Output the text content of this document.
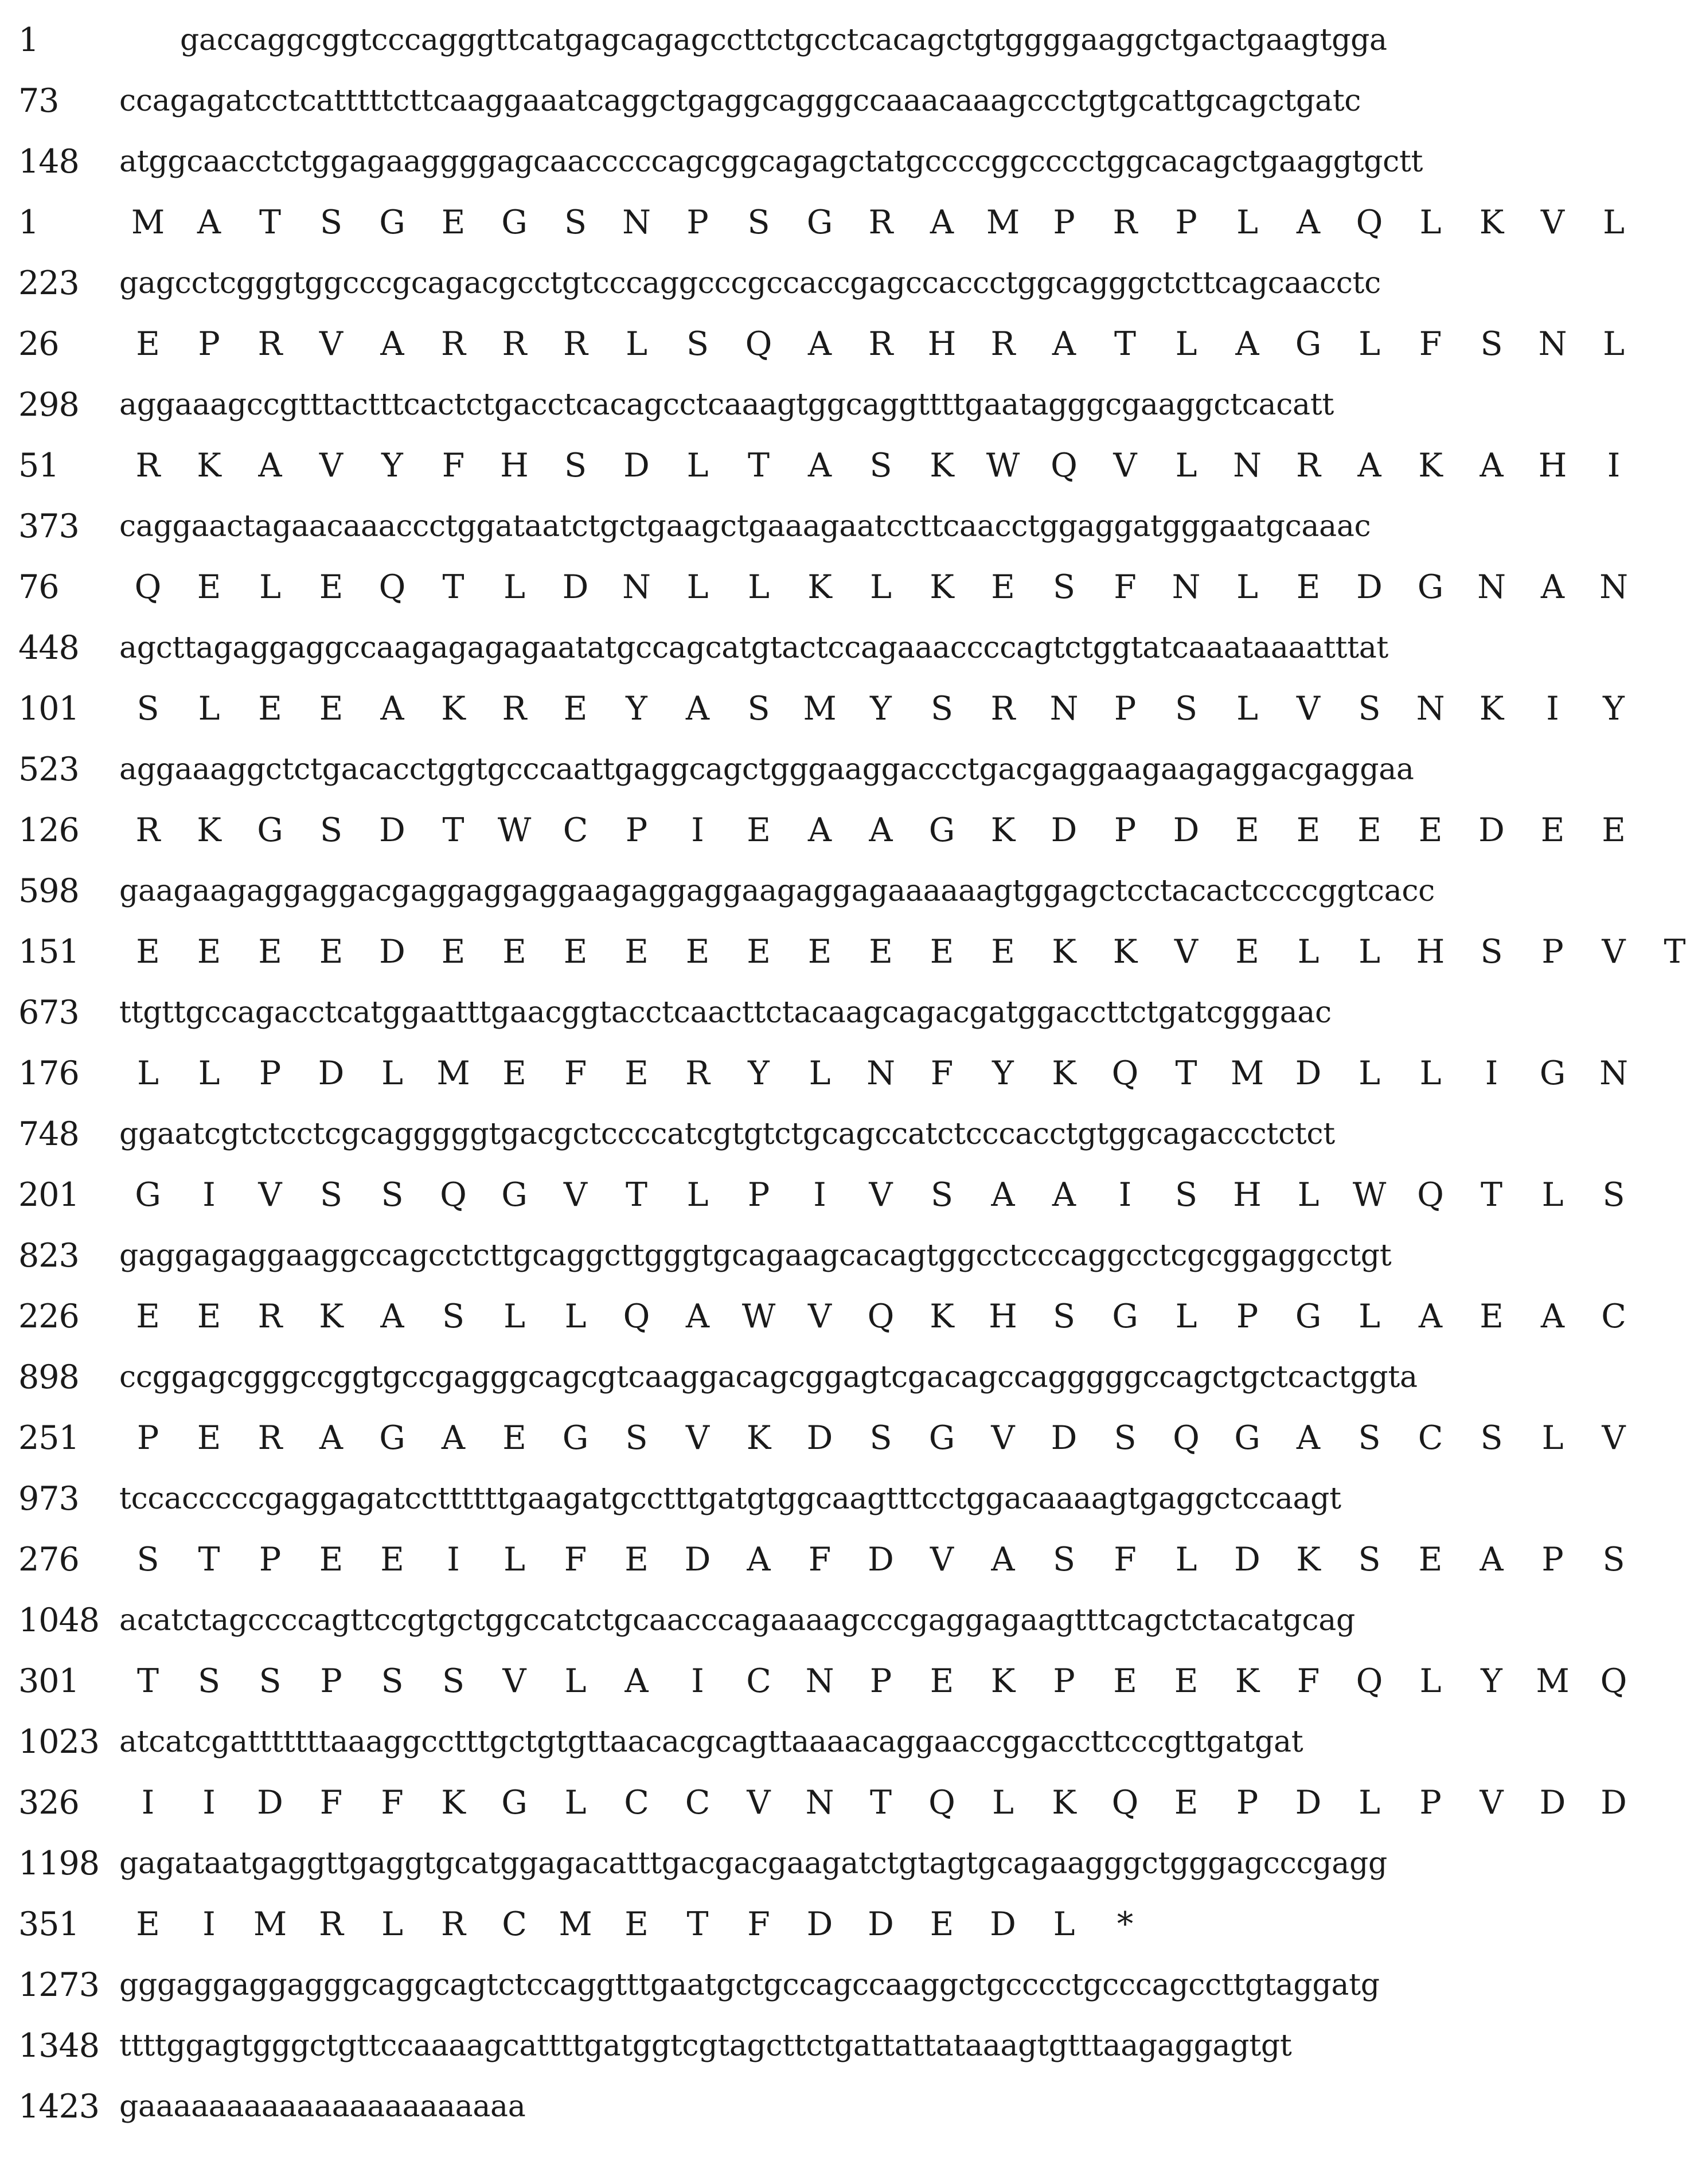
1	gaccaggcggtcccagggttcatgagcagagccttctgcctcacagctgtggggaaggctgactgaagtgga
73 ccagagatcctcatttttcttcaaggaaatcaggctgaggcagggccaaacaaagccctgtgcattgcagctgatc
148 atggcaacctctggagaaggggagcaacccccagcggcagagctatgccccggcccctggcacagctgaaggtgctt
1	M A	T	S	G	E	G	S	N	P	S	G	R	A M	P	R	P	L	A	Q	L	K	V	L
223 gagcctcgggtggcccgcagacgcctgtcccaggcccgccaccgagccaccctggcagggctcttcagcaacctc
26	E	P	R	V	A	R	R	R	L	S	Q	A	R	H	R	A	T	L	A	G	L	F	S	N	L
298 aggaaagccgtttactttcactctgacctcacagcctcaaagtggcaggttttgaatagggcgaaggctcacatt
51	R	K	A	V	Y	F	H	S	D	L	T	A	S	K W Q	V	L	N	R	A	K	A	H	I
373 caggaactagaacaaaccctggataatctgctgaagctgaaagaatccttcaacctggaggatgggaatgcaaac
76 Q	E	L	E	Q	T	L	D	N	L	L	K	L	K	E	S	F	N	L	E	D	G	N	A	N
448 agcttagaggaggccaagagagagaatatgccagcatgtactccagaaaccccagtctggtatcaaataaaatttat
101	S	L	E	E	A	K	R	E	Y	A	S	M	Y	S	R	N	P	S	L	V	S	N	K	I	Y
523 aggaaaggctctgacacctggtgcccaattgaggcagctgggaaggaccctgacgaggaagaagaggacgaggaa
126	R	K	G	S	D	T	W C	P	I	E	A	A	G	K	D	P	D	E	E	E	E	D	E	E
598 gaagaagaggaggacgaggaggaggaagaggaggaagaggagaaaaaagtggagctcctacactccccggtcacc
151	E	E	E	E	D	E	E	E	E	E	E	E	E	E	E	K	K	V	E	L	L	H	S	P	V	T
673 ttgttgccagacctcatggaatttgaacggtacctcaacttctacaagcagacgatggaccttctgatcgggaac
176	L	L	P	D	L	M E	F	E	R	Y	L	N	F	Y	K	Q	T	M D	L	L	I	G	N
748 ggaatcgtctcctcgcagggggtgacgctccccatcgtgtctgcagccatctcccacctgtggcagaccctctct
201	G	I	V	S	S	Q	G	V	T	L	P	I	V	S	A	A	I	S	H	L	W Q	T	L	S
823 gaggagaggaaggccagcctcttgcaggcttgggtgcagaagcacagtggcctcccaggcctcgcggaggcctgt
226	E	E	R	K	A	S	L	L	Q	A W V	Q	K	H	S	G	L	P	G	L	A	E	A	C
898 ccggagcgggccggtgccgagggcagcgtcaaggacagcggagtcgacagccagggggccagctgctcactggta
251	P	E	R	A	G	A	E	G	S	V	K	D	S	G	V	D	S	Q	G	A	S	C	S	L	V
973 tccacccccgaggagatccttttttgaagatgcctttgatgtggcaagtttcctggacaaaagtgaggctccaagt
276	S	T	P	E	E	I	L	F	E	D	A	F	D	V	A	S	F	L	D	K	S	E	A	P	S
1048 acatctagccccagttccgtgctggccatctgcaacccagaaaagcccgaggagaagtttcagctctacatgcag
301	T	S	S	P	S	S	V	L	A	I	C	N	P	E	K	P	E	E	K	F	Q	L	Y	M Q
1023 atcatcgatttttttaaaggcctttgctgtgttaacacgcagttaaaacaggaaccggaccttcccgttgatgat
326	I	I	D	F	F	K	G	L	C	C	V	N	T	Q	L	K	Q	E	P	D	L	P	V	D	D
1198 gagataatgaggttgaggtgcatggagacatttgacgacgaagatctgtagtgcagaagggctgggagcccgagg
351	E	I	M R	L	R	C M E	T	F	D	D	E	D	L	*
1273 gggaggaggagggcaggcagtctccaggtttgaatgctgccagccaaggctgcccctgcccagccttgtaggatg
1348 ttttggagtgggctgttccaaaagcattttgatggtcgtagcttctgattattataaagtgtttaagaggagtgt
1423 gaaaaaaaaaaaaaaaaaaaaaa
